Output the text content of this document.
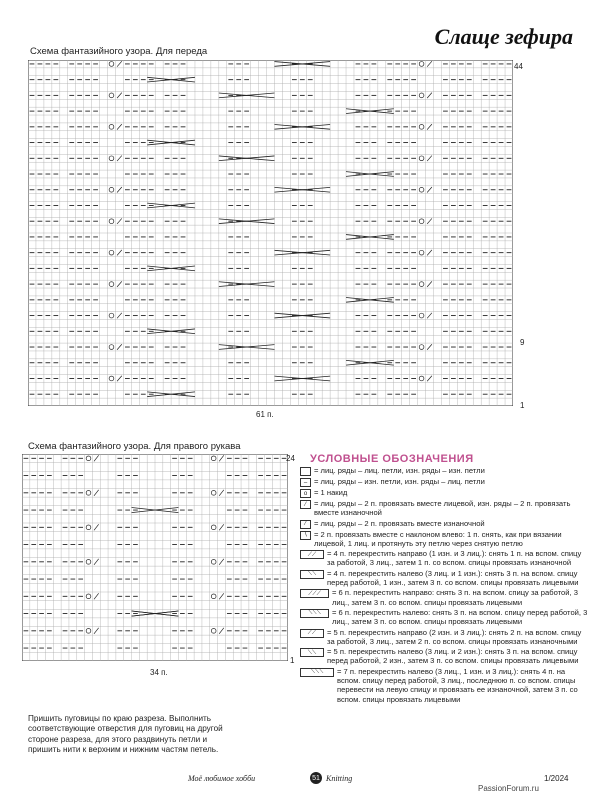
Слаще зефира
Схема фантазийного узора. Для переда
44
9
1
61 п.
Схема фантазийного узора. Для правого рукава
24
1
34 п.
УСЛОВНЫЕ ОБОЗНАЧЕНИЯ
= лиц. ряды – лиц. петли, изн. ряды – изн. петли
– = лиц. ряды – изн. петли, изн. ряды – лиц. петли
o = 1 накид
⁄	= лиц. ряды – 2 п. провязать вместе лицевой, изн. ряды – 2 п. провязать вместе изнаночной
⁄	= лиц. ряды – 2 п. провязать вместе изнаночной
∖ = 2 п. провязать вместе с наклоном влево: 1 п. снять, как при вязании лицевой, 1 лиц. и протянуть эту петлю через снятую петлю
⟋⟋	= 4 п. перекрестить направо (1 изн. и 3 лиц.): снять 1 п. на вспом. спицу за работой, 3 лиц., затем 1 п. со вспом. спицы провязать изнаночной
⟍⟍	= 4 п. перекрестить налево (3 лиц. и 1 изн.): снять 3 п. на вспом. спицу перед работой, 1 изн., затем 3 п. со вспом. спицы провязать лицевыми
⟋⟋⟋	= 6 п. перекрестить направо: снять 3 п. на вспом. спицу за работой, 3 лиц., затем 3 п. со вспом. спицы провязать лицевыми
⟍⟍⟍	= 6 п. перекрестить налево: снять 3 п. на вспом. спицу перед работой, 3 лиц., затем 3 п. со вспом. спицы провязать лицевыми
⟋⟋	= 5 п. перекрестить направо (2 изн. и 3 лиц.): снять 2 п. на вспом. спицу за работой, 3 лиц., затем 2 п. со вспом. спицы провязать изнаночными
⟍⟍	= 5 п. перекрестить налево (3 лиц. и 2 изн.): снять 3 п. на вспом. спицу перед работой, 2 изн., затем 3 п. со вспом. спицы провязать лицевыми
⟍⟍⟍	= 7 п. перекрестить налево (3 лиц., 1 изн. и 3 лиц.): снять 4 п. на вспом. спицу перед работой, 3 лиц., последнюю п. со вспом. спицы перевести на левую спицу и провязать ее изнаночной, затем 3 п. со вспом. спицы провязать лицевыми
Пришить пуговицы по краю разреза. Выполнить соответствующие отверстия для пуговиц на другой стороне разреза, для этого раздвинуть петли и пришить нити к верхним и нижним частям петель.
Моё любимое хобби	51 Knitting	1/2024
PassionForum.ru
